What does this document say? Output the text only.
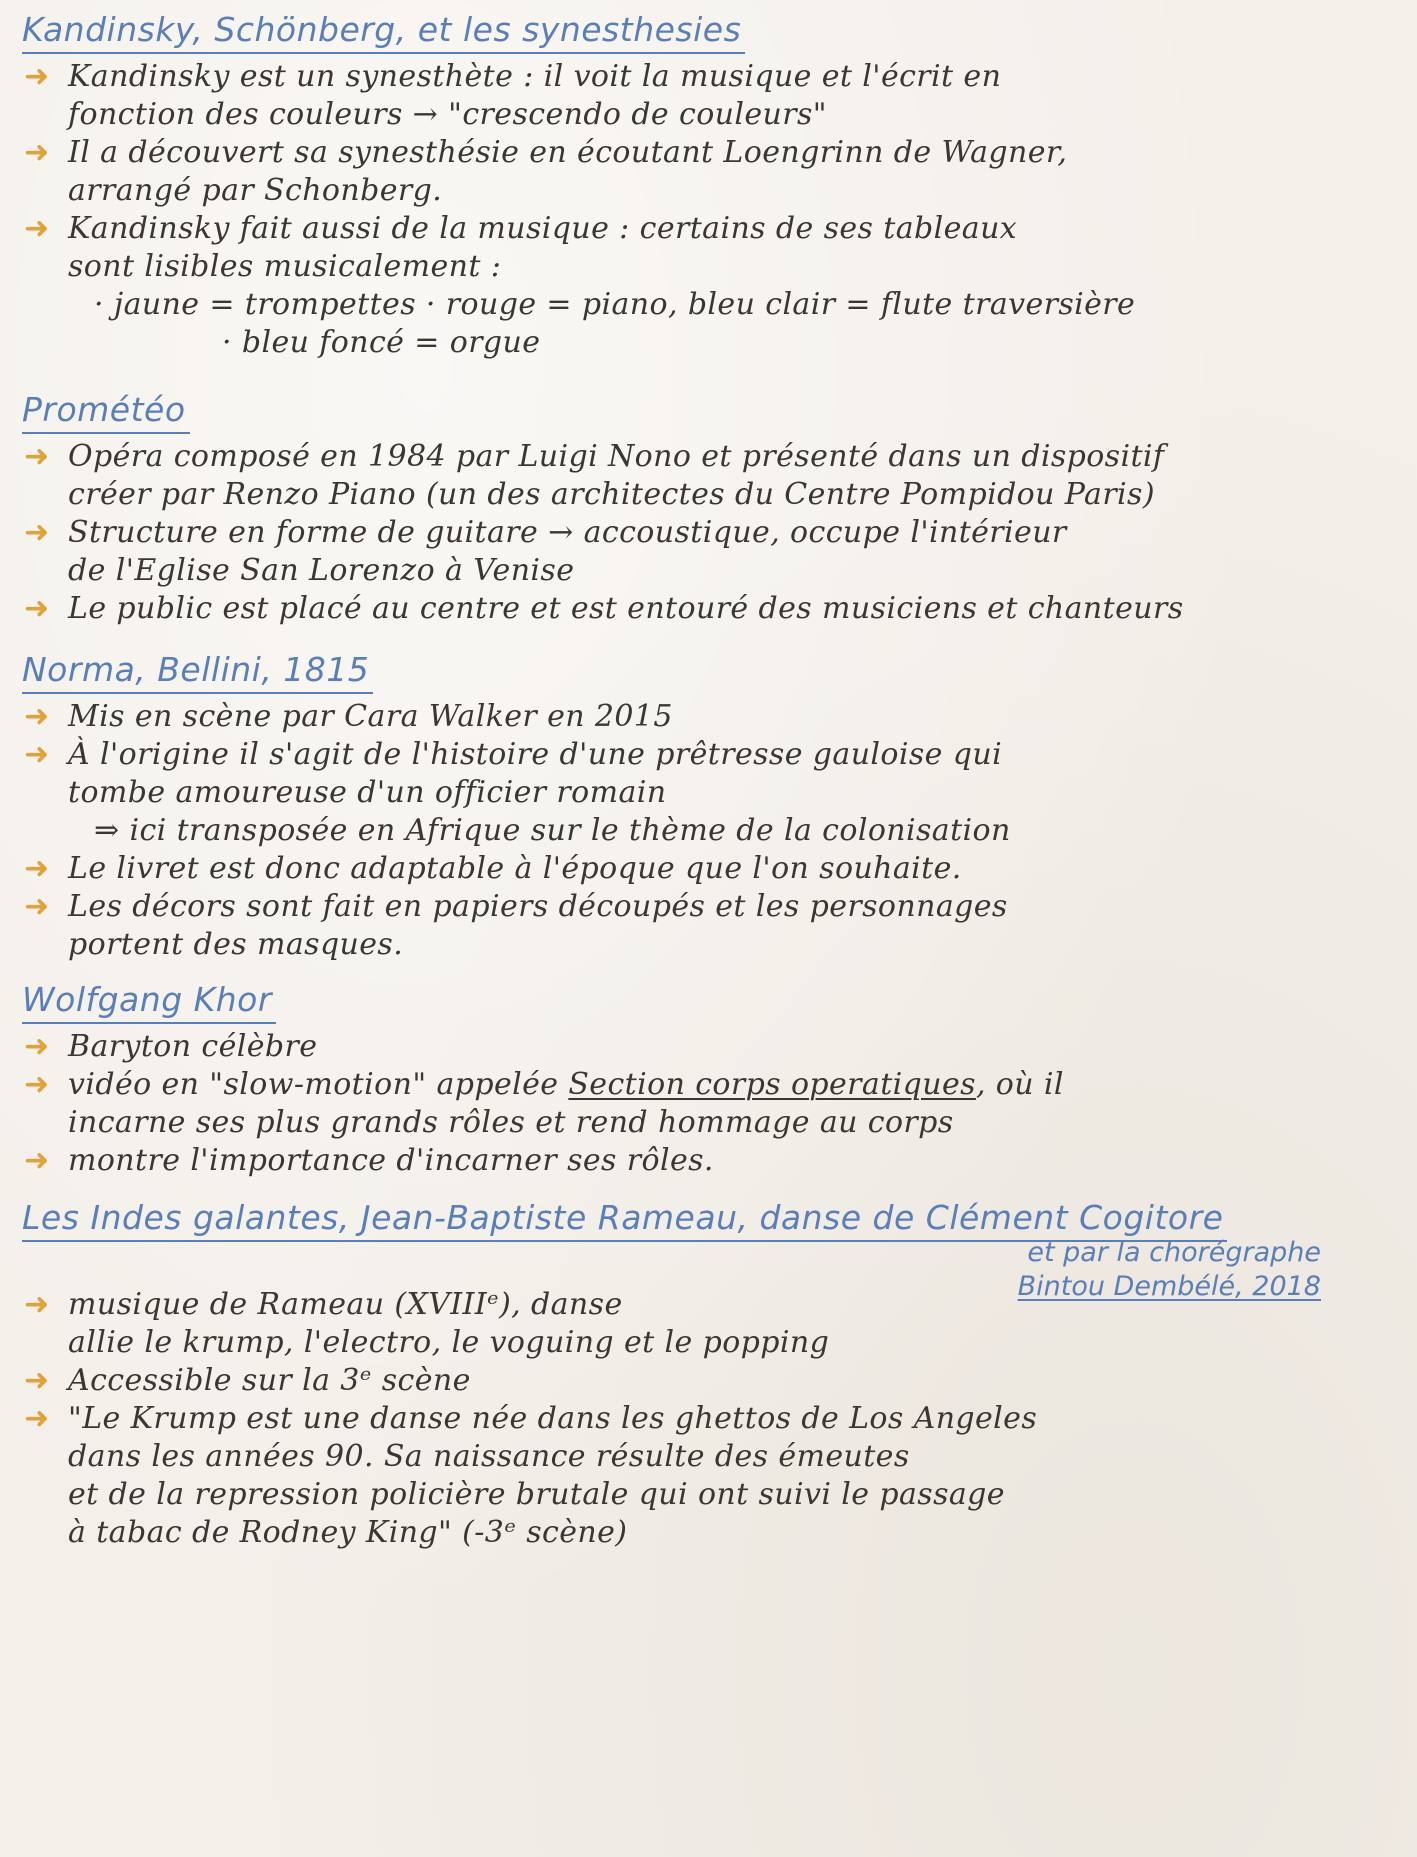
Kandinsky, Schönberg, et les synesthesies
➜ Kandinsky est un synesthète : il voit la musique et l'écrit en
fonction des couleurs → "crescendo de couleurs"
➜ Il a découvert sa synesthésie en écoutant Loengrinn de Wagner,
arrangé par Schonberg.
➜ Kandinsky fait aussi de la musique : certains de ses tableaux
sont lisibles musicalement :
· jaune = trompettes · rouge = piano, bleu clair = flute traversière
· bleu foncé = orgue
Prométéo
➜ Opéra composé en 1984 par Luigi Nono et présenté dans un dispositif
créer par Renzo Piano (un des architectes du Centre Pompidou Paris)
➜ Structure en forme de guitare → accoustique, occupe l'intérieur
de l'Eglise San Lorenzo à Venise
➜ Le public est placé au centre et est entouré des musiciens et chanteurs
Norma, Bellini, 1815
➜ Mis en scène par Cara Walker en 2015
➜ À l'origine il s'agit de l'histoire d'une prêtresse gauloise qui
tombe amoureuse d'un officier romain
⇒ ici transposée en Afrique sur le thème de la colonisation
➜ Le livret est donc adaptable à l'époque que l'on souhaite.
➜ Les décors sont fait en papiers découpés et les personnages
portent des masques.
Wolfgang Khor
➜ Baryton célèbre
➜ vidéo en "slow-motion" appelée Section corps operatiques, où il
incarne ses plus grands rôles et rend hommage au corps
➜ montre l'importance d'incarner ses rôles.
Les Indes galantes, Jean-Baptiste Rameau, danse de Clément Cogitore
et par la chorégraphe
Bintou Dembélé, 2018
➜ musique de Rameau (XVIIIᵉ), danse
allie le krump, l'electro, le voguing et le popping
➜ Accessible sur la 3ᵉ scène
➜ "Le Krump est une danse née dans les ghettos de Los Angeles
dans les années 90. Sa naissance résulte des émeutes
et de la repression policière brutale qui ont suivi le passage
à tabac de Rodney King" (-3ᵉ scène)
